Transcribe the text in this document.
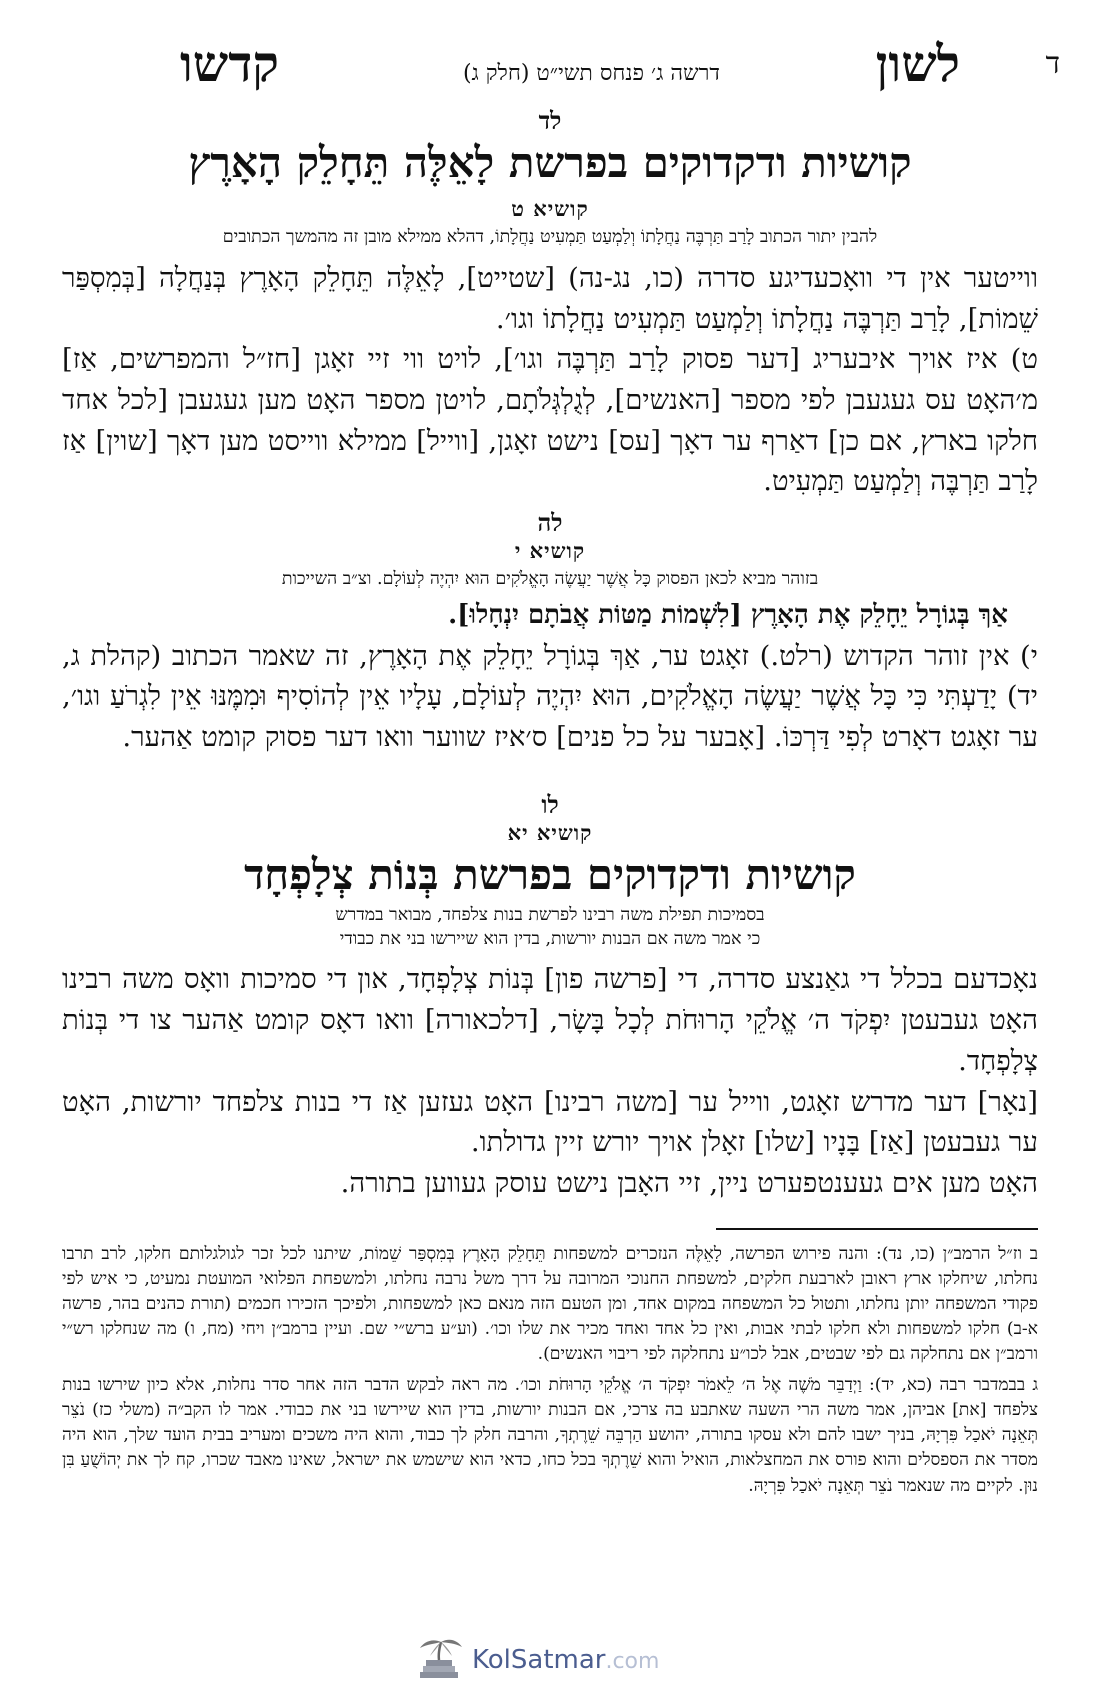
ד
לשון
דרשה ג׳ פנחס תשי״ט (חלק ג)
קדשו
לד
קושיות ודקדוקים בפרשת לָאֵלֶּה תֵּחָלֵק הָאָרֶץ
קושיא ט
להבין יתור הכתוב לָרַב תַּרְבֶּה נַחֲלָתוֹ וְלַמְעַט תַּמְעִיט נַחֲלָתוֹ, דהלא ממילא מובן זה מהמשך הכתובים

ווייטער אין די וואָכעדיגע סדרה (כו, נג-נה) [שטייט], לָאֵלֶּה תֵּחָלֵק הָאָרֶץ בְּנַחֲלָה [בְּמִסְפַּר שֵׁמוֹת], לָרַב תַּרְבֶּה נַחֲלָתוֹ וְלַמְעַט תַּמְעִיט נַחֲלָתוֹ וגו׳.

ט) איז אויך איבעריג [דער פסוק לָרַב תַּרְבֶּה וגו׳], לויט ווי זיי זאָגן [חז״ל והמפרשים, אַז] מ׳האָט עס געגעבן לפי מספר [האנשים], לְגֻלְגְּלֹתָם, לויטן מספר האָט מען געגעבן [לכל אחד חלקו בארץ, אם כן] דאַרף ער דאָך [עס] נישט זאָגן, [ווייל] ממילא ווייסט מען דאָך [שוין] אַז לָרַב תַּרְבֶּה וְלַמְעַט תַּמְעִיט.

לה
קושיא י
בזוהר מביא לכאן הפסוק כָּל אֲשֶׁר יַעֲשֶׂה הָאֱלֹקִים הוּא יִהְיֶה לְעוֹלָם. וצ״ב השייכות
אַךְ בְּגוֹרָל יֵחָלֵק אֶת הָאָרֶץ [לִשְׁמוֹת מַטּוֹת אֲבֹתָם יִנְחָלוּ].

י) אין זוהר הקדוש (רלט.) זאָגט ער, אַךְ בְּגוֹרָל יֵחָלֵק אֶת הָאָרֶץ, זה שאמר הכתוב (קהלת ג, יד) יָדַעְתִּי כִּי כָּל אֲשֶׁר יַעֲשֶׂה הָאֱלֹקִים, הוּא יִהְיֶה לְעוֹלָם, עָלָיו אֵין לְהוֹסִיף וּמִמֶּנּוּ אֵין לִגְרֹעַ וגו׳, ער זאָגט דאָרט לְפִי דַּרְכּוֹ. [אָבער על כל פנים] ס׳איז שווער וואו דער פסוק קומט אַהער.

לו
קושיא יא
קושיות ודקדוקים בפרשת בְּנוֹת צְלָפְחָד
בסמיכות תפילת משה רבינו לפרשת בנות צלפחד, מבואר במדרש
כי אמר משה אם הבנות יורשות, בדין הוא שיירשו בני את כבודי

נאָכדעם בכלל די גאַנצע סדרה, די [פרשה פון] בְּנוֹת צְלָפְחָד, און די סמיכות וואָס משה רבינו האָט געבעטן יִפְקֹד ה׳ אֱלֹקֵי הָרוּחֹת לְכָל בָּשָׂר, [דלכאורה] וואו דאָס קומט אַהער צו די בְּנוֹת צְלָפְחָד.

[נאָר] דער מדרש זאָגט, ווייל ער [משה רבינו] האָט געזען אַז די בנות צלפחד יורשות, האָט ער געבעטן [אַז] בָּנָיו [שלו] זאָלן אויך יורש זיין גדולתו.

האָט מען אים געענטפערט ניין, זיי האָבן נישט עוסק געווען בתורה.

ב וז״ל הרמב״ן (כו, נד): והנה פירוש הפרשה, לָאֵלֶּה הנזכרים למשפחות תֵּחָלֵק הָאָרֶץ בְּמִסְפַּר שֵׁמוֹת, שיתנו לכל זכר לגולגלותם חלקו, לרב תרבו נחלתו, שיחלקו ארץ ראובן לארבעת חלקים, למשפחת החנוכי המרובה על דרך משל נרבה נחלתו, ולמשפחת הפלואי המועטת נמעיט, כי איש לפי פקודי המשפחה יותן נחלתו, ותטול כל המשפחה במקום אחד, ומן הטעם הזה מנאם כאן למשפחות, ולפיכך הזכירו חכמים (תורת כהנים בהר, פרשה א-ב) חלקו למשפחות ולא חלקו לבתי אבות, ואין כל אחד ואחד מכיר את שלו וכו׳. (וע״ע ברש״י שם. ועיין ברמב״ן ויחי (מח, ו) מה שנחלקו רש״י ורמב״ן אם נתחלקה גם לפי שבטים, אבל לכו״ע נתחלקה לפי ריבוי האנשים).

ג בבמדבר רבה (כא, יד): וַיְדַבֵּר מֹשֶׁה אֶל ה׳ לֵאמֹר יִפְקֹד ה׳ אֱלֹקֵי הָרוּחֹת וכו׳. מה ראה לבקש הדבר הזה אחר סדר נחלות, אלא כיון שירשו בנות צלפחד [את] אביהן, אמר משה הרי השעה שאתבע בה צרכי, אם הבנות יורשות, בדין הוא שיירשו בני את כבודי. אמר לו הקב״ה (משלי כז) נֹצֵר תְּאֵנָה יֹאכַל פִּרְיָהּ, בניך ישבו להם ולא עסקו בתורה, יהושע הַרְבֵּה שֵׁרֶתְךָ, והרבה חלק לך כבוד, והוא היה משכים ומעריב בבית הועד שלך, הוא היה מסדר את הספסלים והוא פורס את המחצלאות, הואיל והוא שֵׁרֶתְךָ בכל כחו, כדאי הוא שישמש את ישראל, שאינו מאבד שכרו, קח לך את יְהוֹשֻׁעַ בִּן נוּן. לקיים מה שנאמר נֹצֵר תְּאֵנָה יֹאכַל פִּרְיָהּ.

KolSatmar.com
